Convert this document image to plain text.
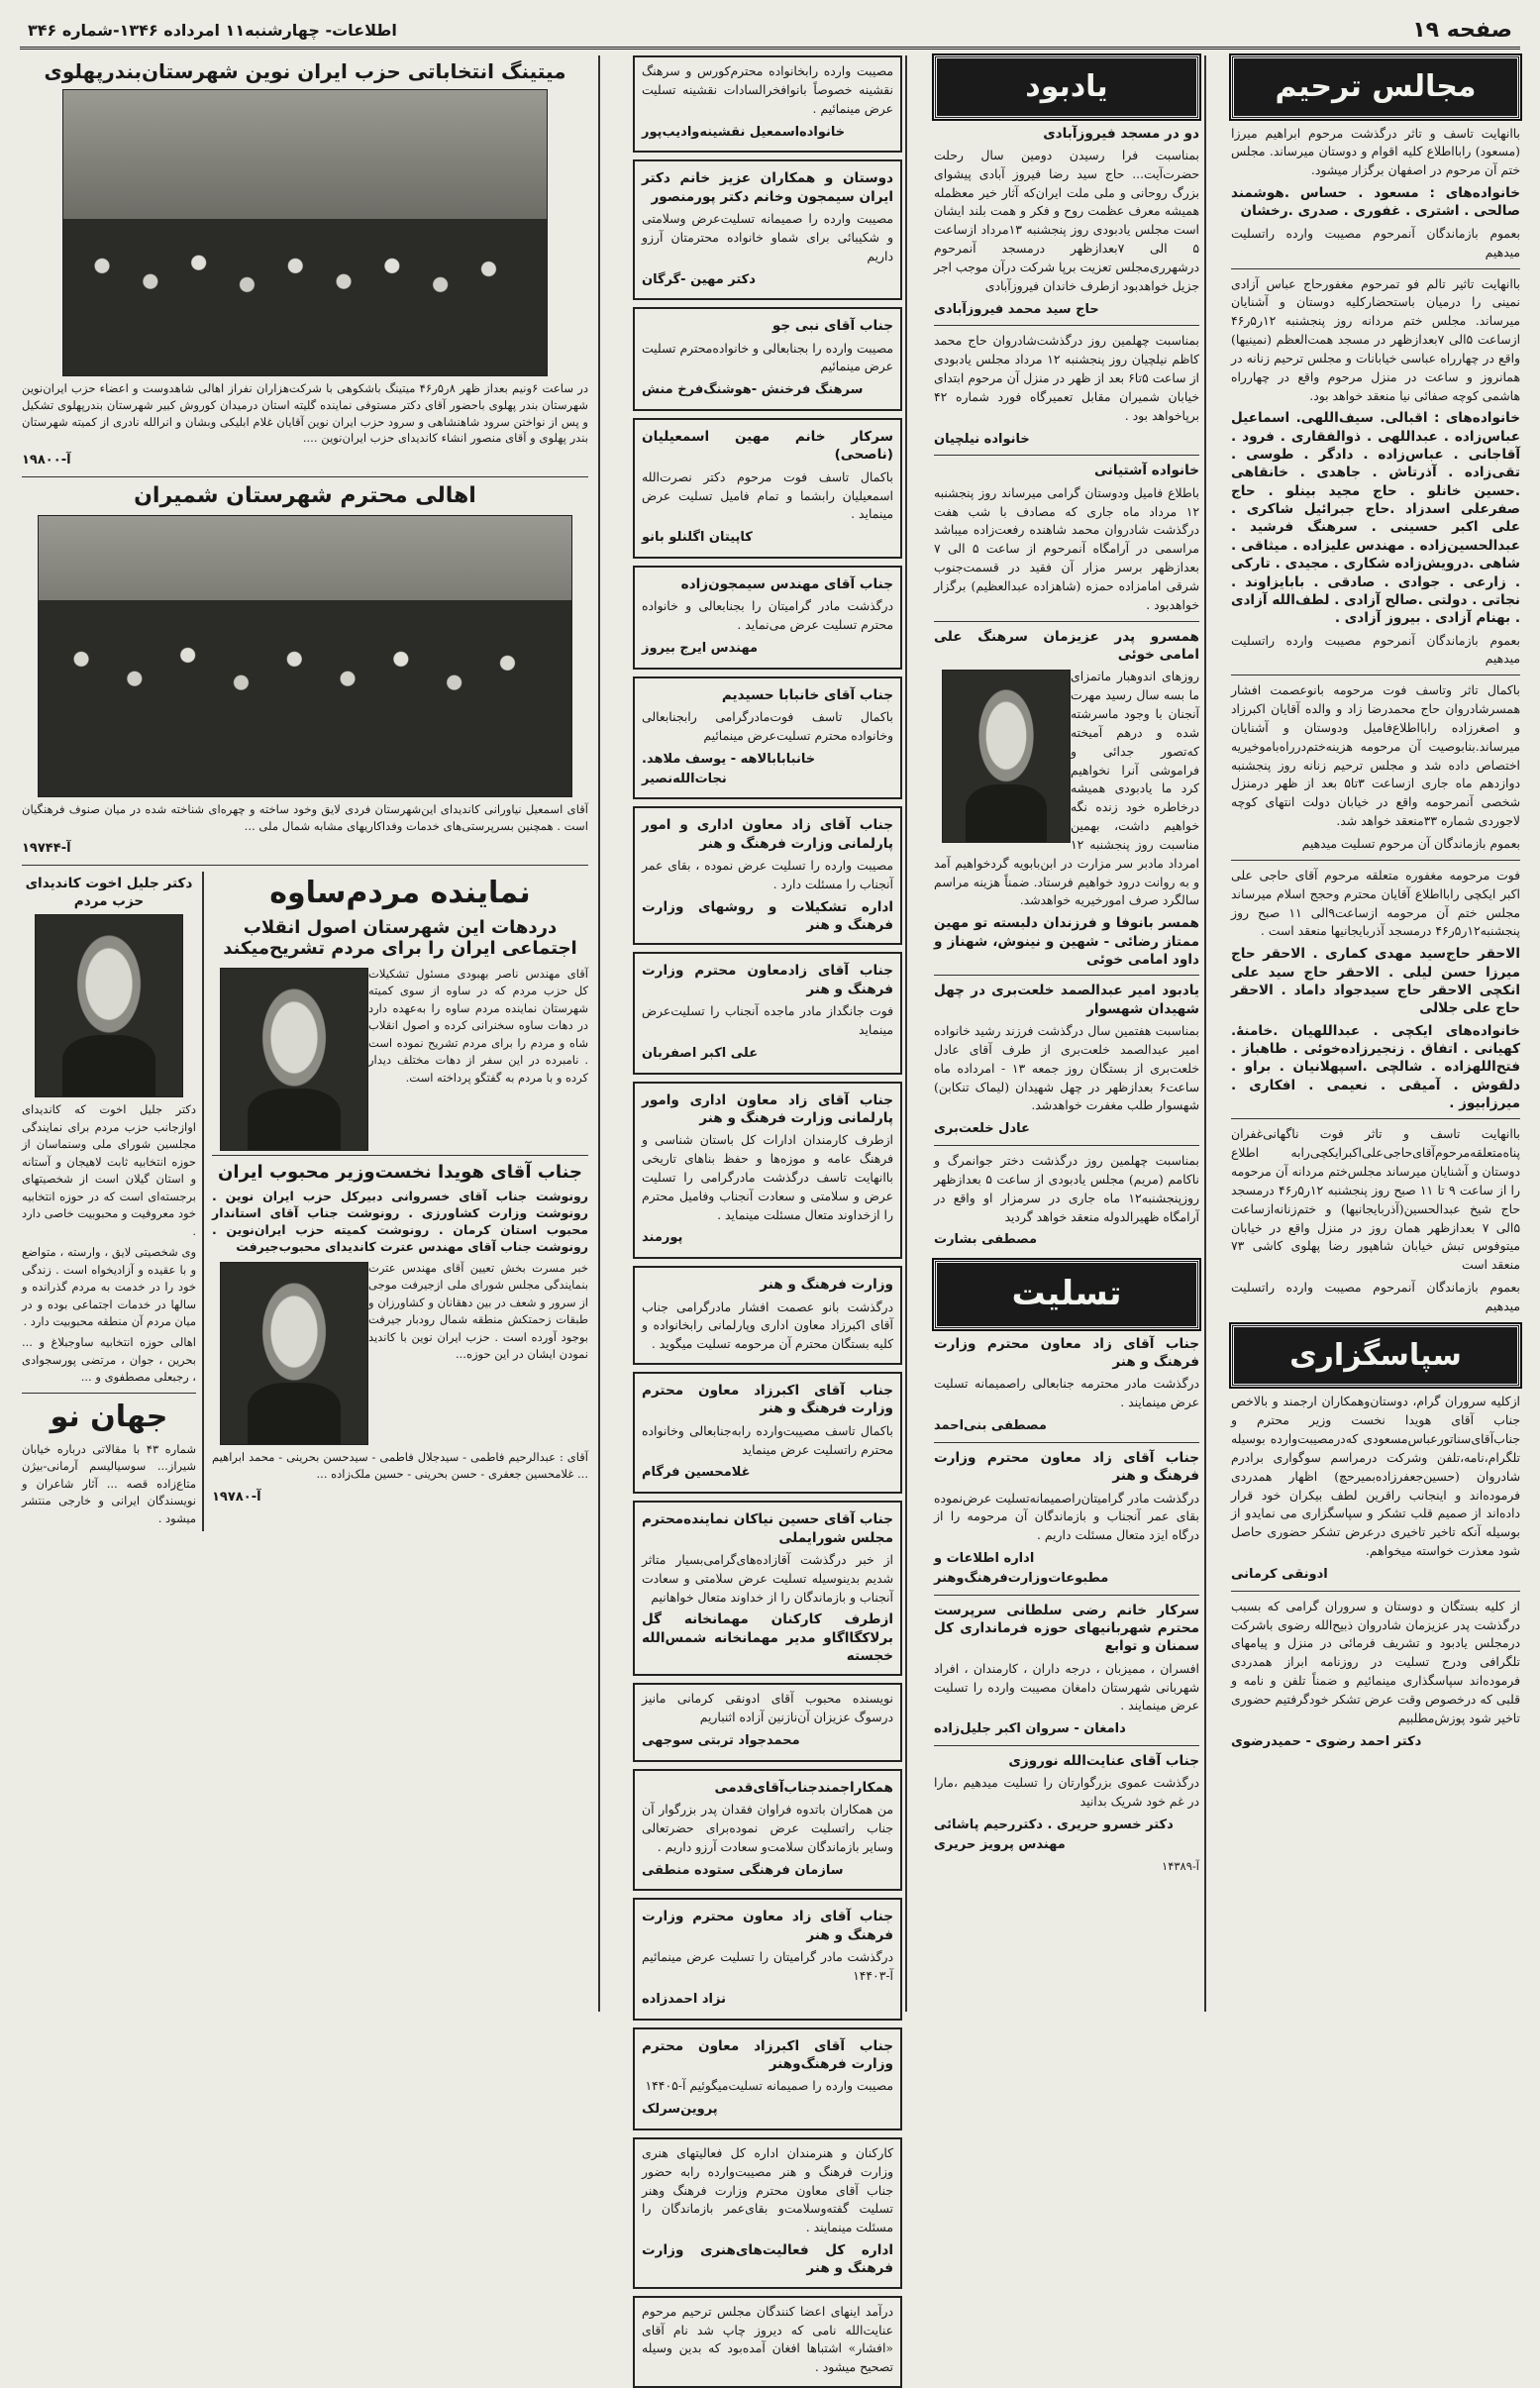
صفحه ۱۹
اطلاعات- چهارشنبه۱۱ امرداده ۱۳۴۶-شماره ۳۴۶
مجالس ترحیم

باانهایت تاسف و تاثر درگذشت مرحوم ابراهیم میرزا (مسعود) رابااطلاع کلیه اقوام و دوستان میرساند. مجلس ختم آن مرحوم در اصفهان برگزار میشود.

خانواده‌های : مسعود . حساس .هوشمند صالحی . اشتری . غفوری . صدری .رخشان

بعموم بازماندگان آنمرحوم مصیبت وارده راتسلیت میدهیم

باانهایت تاثیر تالم فو تمرحوم مغفورحاج عباس آزادی نمینی را درمیان باستحضارکلیه دوستان و آشنایان میرساند. مجلس ختم مردانه روز پنجشنبه ۱۲ر۵ر۴۶ ازساعت ۵الی ۷بعدازظهر در مسجد همت‌العظم (نمینیها) واقع در چهارراه عباسی خیابانات و مجلس ترحیم زنانه در همانروز و ساعت در منزل مرحوم واقع در چهارراه هاشمی کوچه صفائی نیا منعقد خواهد بود.

خانواده‌های : اقبالی. سیف‌اللهی. اسماعیل عباس‌زاده . عبداللهی . ذوالفقاری . فرود . آقاجانی . عباس‌زاده . دادگر . طوسی . تقی‌زاده . آذرتاش . جاهدی . خانقاهی .حسین خانلو . حاج مجید بینلو . حاج صفرعلی اسدزاد .حاج جبرائیل شاکری . علی اکبر حسینی . سرهنگ فرشید . عبدالحسین‌زاده . مهندس علیزاده . میثاقی . شاهی .درویش‌زاده شکاری . مجیدی . تارکی . زارعی . جوادی . صادقی . بابایزاوند . نجاتی . دولتی .صالح آزادی . لطف‌الله آزادی . بهنام آزادی . بیروز آزادی .

بعموم بازماندگان آنمرحوم مصیبت وارده راتسلیت میدهیم

باکمال تاثر وتاسف فوت مرحومه بانوعصمت افشار همسرشادروان حاج محمدرضا زاد و والده آقایان اکبرزاد و اصغرزاده رابااطلاع‌فامیل ودوستان و آشنایان میرساند.بنابوصیت آن مرحومه هزینه‌ختم‌درراه‌باموخیریه اختصاص داده شد و مجلس ترحیم زنانه روز پنجشنبه دوازدهم ماه جاری ازساعت ۳تا۵ بعد از ظهر درمنزل شخصی آنمرحومه واقع در خیابان دولت انتهای کوچه لاجوردی شماره ۳۳منعقد خواهد شد.

بعموم بازماندگان آن مرحوم تسلیت میدهیم

فوت مرحومه مغفوره متعلقه مرحوم آقای حاجی علی اکبر ایکچی رابااطلاع آقایان محترم وحجج اسلام میرساند مجلس ختم آن مرحومه ازساعت۹الی ۱۱ صبح روز پنجشنبه۱۲ر۵ر۴۶ درمسجد آذربایجانیها منعقد است .

الاحقر حاج‌سید مهدی کماری . الاحقر حاج میرزا حسن لیلی . الاحقر حاج سید علی انکچی الاحقر حاج سیدجواد داماد . الاحقر حاج علی جلالی

خانواده‌های ایکچی . عبداللهیان .خامنهٔ. کهیانی . اتفاق . زنجیرزاده‌خوئی . طاهباز . فتح‌اللهزاده . شالچی .اسپهلانیان . براو . دلقوش . آمیقی . نعیمی . افکاری . میرزابیوز .

باانهایت تاسف و تاثر فوت ناگهانی‌غفران پناه‌متعلقه‌مرحوم‌آقای‌حاجی‌علی‌اکبرایکچی‌رابه اطلاع دوستان و آشنایان میرساند مجلس‌ختم مردانه آن مرحومه را از ساعت ۹ تا ۱۱ صبح روز پنجشنبه ۱۲ر۵ر۴۶ درمسجد حاج شیخ عبدالحسین(آذربایجانیها) و ختم‌زنانه‌ازساعت ۵الی ۷ بعدازظهر همان روز در منزل واقع در خیابان میتوفوس تبش خیابان شاهپور رضا پهلوی کاشی ۷۳ منعقد است

بعموم بازماندگان آنمرحوم مصیبت وارده راتسلیت میدهیم

سپاسگزاری

ازکلیه سروران گرام، دوستان‌وهمکاران ارجمند و بالاخص جناب آقای هویدا نخست وزیر محترم و جناب‌آقای‌سناتورعباس‌مسعودی که‌درمصیبت‌وارده بوسیله تلگرام،نامه،تلفن وشرکت درمراسم سوگواری برادرم شادروان (حسین‌جعفرزاده‌بمیرحچ) اظهار همدردی فرموده‌اند و اینجانب راقرین لطف بیکران خود قرار داده‌اند از صمیم قلب تشکر و سپاسگزاری می نمایدو از بوسیله آنکه تاخیر تاخیری درعرض تشکر حضوری حاصل شود معذرت خواسته میخواهم.

ادونقی کرمانی

از کلیه بستگان و دوستان و سروران گرامی که بسبب درگذشت پدر عزیزمان شادروان ذبیح‌الله رضوی باشرکت درمجلس یادبود و تشریف فرمائی در منزل و پیامهای تلگرافی ودرج تسلیت در روزنامه ابراز همدردی فرموده‌اند سپاسگذاری مینمائیم و ضمناً تلفن و نامه و قلبی که درخصوص وقت عرض تشکر خودگرفتیم حضوری تاخیر شود پوزش‌مطلبیم

دکتر احمد رضوی - حمیدرضوی

یادبود

دو در مسجد فیروزآبادی

بمناسبت فرا رسیدن دومین سال رحلت حضرت‌آیت... حاج سید رضا فیروز آبادی پیشوای بزرگ روحانی و ملی ملت ایران‌که آثار خیر معظمله همیشه معرف عظمت روح و فکر و همت بلند ایشان است مجلس یادبودی روز پنجشنبه ۱۳مرداد ازساعت ۵ الی ۷بعدازظهر درمسجد آنمرحوم درشهرری‌مجلس تعزیت برپا شرکت درآن موجب اجر جزیل خواهدبود ازطرف خاندان فیروزآبادی

حاج سید محمد فیروزآبادی

بمناسبت چهلمین روز درگذشت‌شادروان حاج محمد کاظم نیلچیان روز پنجشنبه ۱۲ مرداد مجلس یادبودی از ساعت ۵تا۶ بعد از ظهر در منزل آن مرحوم ابتدای خیابان شمیران مقابل تعمیرگاه فورد شماره ۴۲ برپاخواهد بود .

خانواده نیلچیان

خانواده آشتیانی

باطلاع فامیل ودوستان گرامی میرساند روز پنجشنبه ۱۲ مرداد ماه جاری که مصادف با شب هفت درگذشت شادروان محمد شاهنده رفعت‌زاده میباشد مراسمی در آرامگاه آنمرحوم از ساعت ۵ الی ۷ بعدازظهر برسر مزار آن فقید در قسمت‌جنوب شرقی امامزاده حمزه (شاهزاده عبدالعظیم) برگزار خواهدبود .

همسرو پدر عزیزمان سرهنگ علی امامی خوئی

روزهای اندوهبار ماتمزای ما بسه سال رسید مهرت آنجنان با وجود ماسرشته شده و درهم آمیخته که‌تصور جدائی و فراموشی آنرا نخواهیم کرد ما یادبودی همیشه درخاطره خود زنده نگه خواهیم داشت، بهمین مناسبت روز پنجشنبه ۱۲ امرداد مادبر سر مزارت در ابن‌بابویه گردخواهیم آمد و به روانت درود خواهیم فرستاد. ضمناً هزینه مراسم سالگرد صرف امورخیریه خواهدشد.

همسر بانوفا و فرزندان دلبسته تو مهین ممتاز رضائی - شهین و نینوش، شهناز و داود امامی خوئی

یادبود امیر عبدالصمد خلعت‌بری در چهل شهیدان شهسوار

بمناسبت هفتمین سال درگذشت فرزند رشید خانواده امیر عبدالصمد خلعت‌بری از طرف آقای عادل خلعت‌بری از بستگان روز جمعه ۱۳ - امرداده ماه ساعت۶ بعدازظهر در چهل شهیدان (لیماک تنکابن) شهسوار طلب مغفرت خواهدشد.

عادل خلعت‌بری

بمناسبت چهلمین روز درگذشت دختر جوانمرگ و ناکامم (مریم) مجلس یادبودی از ساعت ۵ بعدازظهر روزپنجشنبه۱۲ ماه جاری در سرمزار او واقع در آرامگاه ظهیرالدوله منعقد خواهد گردید

مصطفی بشارت

تسلیت

جناب آقای زاد معاون محترم وزارت فرهنگ و هنر

درگذشت مادر محترمه جنابعالی راصمیمانه تسلیت عرض مینمایند .

مصطفی بنی‌احمد

جناب آقای زاد معاون محترم وزارت فرهنگ و هنر

درگذشت مادر گرامیتان‌راصمیمانه‌تسلیت عرض‌نموده بقای عمر آنجناب و بازماندگان آن مرحومه را از درگاه ایزد متعال مسئلت داریم .

اداره اطلاعات و مطبوعات‌وزارت‌فرهنگ‌وهنر

سرکار خانم رضی سلطانی سرپرست محترم شهربانیهای حوزه فرمانداری کل سمنان و توابع

افسران ، ممیزبان ، درجه داران ، کارمندان ، افراد شهربانی شهرستان دامغان مصیبت وارده را تسلیت عرض مینمایند .

دامغان - سروان اکبر جلیل‌زاده

جناب آقای عنایت‌الله نوروزی

درگذشت عموی بزرگوارتان را تسلیت میدهیم ،مارا در غم خود شریک بدانید

دکتر خسرو حریری . دکتررحیم پاشائی مهندس پرویز حریری

آ-۱۴۳۸۹

مصیبت وارده رابخانواده محترم‌کورس و سرهنگ نقشینه خصوصاً بانوافخرالسادات نقشینه تسلیت عرض مینمائیم .

خانواده‌اسمعیل نقشینه‌وادیب‌پور

دوستان و همکاران عزیز خانم دکتر ایران سیمجون وخانم دکتر پورمنصور

مصیبت وارده را صمیمانه تسلیت‌عرض وسلامتی و شکیبائی برای شماو خانواده محترمتان آرزو داریم

دکتر مهین -گرگان

جناب آقای نبی جو

مصیبت وارده را بجنابعالی و خانواده‌محترم تسلیت عرض مینمائیم

سرهنگ فرخنش -هوشنگ‌فرخ منش

سرکار خانم مهین اسمعیلیان (ناصحی)

باکمال تاسف فوت مرحوم دکتر نصرت‌الله اسمعیلیان رابشما و تمام فامیل تسلیت عرض مینماید .

کاپیتان اگلنلو بانو

جناب آقای مهندس سیمجون‌زاده

درگذشت مادر گرامیتان را بجنابعالی و خانواده محترم تسلیت عرض می‌نماید .

مهندس ایرج بیروز

جناب آقای خانبابا حسیدیم

باکمال تاسف فوت‌مادرگرامی رابجنابعالی وخانواده محترم تسلیت‌عرض مینمائیم

خانبابابالاهه - یوسف ملاهد. نجات‌الله‌نصیر

جناب آقای زاد معاون اداری و امور پارلمانی وزارت فرهنگ و هنر

مصیبت وارده را تسلیت عرض نموده ، بقای عمر آنجناب را مسئلت دارد .

اداره تشکیلات و روشهای وزارت فرهنگ و هنر

جناب آقای زادمعاون محترم وزارت فرهنگ و هنر

فوت جانگداز مادر ماجده آنجناب را تسلیت‌عرض مینماید

علی اکبر اصفربان

جناب آقای زاد معاون اداری وامور پارلمانی وزارت فرهنگ و هنر

ازطرف کارمندان ادارات کل باستان شناسی و فرهنگ عامه و موزه‌ها و حفظ بناهای تاریخی باانهایت تاسف درگذشت مادرگرامی را تسلیت عرض و سلامتی و سعادت آنجناب وفامیل محترم را ازخداوند متعال مسئلت مینماید .

پورمند

وزارت فرهنگ و هنر

درگذشت بانو عصمت افشار مادرگرامی جناب آقای اکبرزاد معاون اداری وپارلمانی رابخانواده و کلیه بستگان محترم آن مرحومه تسلیت میگوید .

جناب آقای اکبرزاد معاون محترم وزارت فرهنگ و هنر

باکمال تاسف مصیبت‌وارده رابه‌جنابعالی وخانواده محترم راتسلیت عرض مینماید

غلامحسین فرگام

جناب آقای حسین نیاکان نماینده‌محترم مجلس شورایملی

از خبر درگذشت آقازاده‌های‌گرامی‌بسیار متاثر شدیم بدینوسیله تسلیت عرض سلامتی و سعادت آنجناب و بازماندگان را از خداوند متعال خواهانیم

ازطرف کارکنان مهمانخانه گل برلاکگااگاو مدیر مهمانخانه شمس‌الله خجسته

نویسنده محبوب آقای ادونقی کرمانی مانیز درسوگ عزیزان آن‌نازنین آزاده اثنباریم

محمدجواد تربتی سوجهی

همکاراجمند‌جناب‌آقای‌قدمی

من همکاران باتدوه فراوان فقدان پدر بزرگوار آن جناب راتسلیت عرض نموده‌برای حضرتعالی وسایر بازماندگان سلامت‌و سعادت آرزو داریم .

سازمان فرهنگی ستوده منطقی

جناب آقای زاد معاون محترم وزارت فرهنگ و هنر

درگذشت مادر گرامیتان را تسلیت عرض مینمائیم آ-۱۴۴۰۳

نزاد احمدزاده

جناب آقای اکبرزاد معاون محترم وزارت فرهنگ‌وهنر

مصیبت وارده را صمیمانه تسلیت‌میگوئیم آ-۱۴۴۰۵

پروین‌سرلک

کارکنان و هنرمندان اداره کل فعالیتهای هنری وزارت فرهنگ و هنر مصیبت‌وارده رابه حضور جناب آقای معاون محترم وزارت فرهنگ وهنر تسلیت گفته‌وسلامت‌و بقای‌عمر بازماندگان را مسئلت مینمایند .

اداره کل فعالیت‌های‌هنری وزارت فرهنگ و هنر

درآمد اینهای اعضا کنندگان مجلس ترحیم مرحوم عنایت‌الله نامی که دیروز چاپ شد نام آقای «افشار» اشتباها افغان آمده‌بود که بدین وسیله تصحیح میشود .

میتینگ انتخاباتی حزب ایران نوین شهرستان‌بندرپهلوی

در ساعت ۶ونیم بعداز ظهر ۸ر۵ر۴۶ میتینگ باشکوهی با شرکت‌هزاران نفراز اهالی شاهدوست و اعضاء حزب ایران‌نوین شهرستان بندر پهلوی باحضور آقای دکتر مستوفی نماینده گلیته استان درمیدان کوروش کبیر شهرستان بندرپهلوی تشکیل و پس از نواختن سرود شاهنشاهی و سرود حزب ایران نوین آقایان غلام ابلیکی وبشان و انرالله نادری از کمیته شهرستان بندر پهلوی و آقای منصور انشاء کاندیدای حزب ایران‌نوین ....

آ-۱۹۸۰۰

اهالی محترم شهرستان شمیران

آقای اسمعیل نیاورانی کاندیدای این‌شهرستان فردی لایق وخود ساخته و چهره‌ای شناخته شده در میان صنوف فرهنگیان است . همچنین بسرپرستی‌های خدمات وفداکاریهای مشابه شمال ملی ...

آ-۱۹۷۴۴

نماینده مردم‌ساوه
دردهات این شهرستان اصول انقلاب اجتماعی ایران را برای مردم تشریح‌میکند

آقای مهندس ناصر بهبودی مسئول تشکیلات کل حزب مردم که در ساوه از سوی کمیته شهرستان نماینده مردم ساوه را به‌عهده دارد در دهات ساوه سخنرانی کرده و اصول انقلاب شاه و مردم را برای مردم تشریح نموده است . نامبرده در این سفر از دهات مختلف دیدار کرده و با مردم به گفتگو پرداخته است.

جناب آقای هویدا نخست‌وزیر محبوب ایران

رونوشت جناب آقای خسروانی دبیرکل حزب ایران نوین . رونوشت وزارت کشاورزی . رونوشت جناب آقای استاندار محبوب استان کرمان . رونوشت کمیته حزب ایران‌نوین . رونوشت جناب آقای مهندس عترت کاندیدای محبوب‌جیرفت

خبر مسرت بخش تعیین آقای مهندس عترت بنمایندگی مجلس شورای ملی ازجیرفت موجی از سرور و شعف در بین دهقانان و کشاورزان و طبقات زحمتکش منطقه شمال رودبار جیرفت بوجود آورده است . حزب ایران نوین با کاندید نمودن ایشان در این حوزه...

آقای : عبدالرحیم فاطمی - سیدجلال فاطمی - سیدحسن بحرینی - محمد ابراهیم ... غلامحسین جعفری - حسن بحرینی - حسین ملک‌زاده ...

آ-۱۹۷۸۰

دکتر جلیل اخوت کاندیدای حزب مردم

دکتر جلیل اخوت که کاندیدای اوازجانب حزب مردم برای نمایندگی مجلسین شورای ملی وسنماسان از حوزه انتخابیه ثابت لاهیجان و آستانه و استان گیلان است از شخصیتهای برجسته‌ای است که در حوزه انتخابیه خود معروفیت و محبوبیت خاصی دارد .

وی شخصیتی لایق ، وارسته ، متواضع و با عقیده و آزادیخواه است . زندگی خود را در خدمت به مردم گذرانده و سالها در خدمات اجتماعی بوده و در میان مردم آن منطقه محبوبیت دارد .

اهالی حوزه انتخابیه ساوجبلاغ و ... بحرین ، جوان ، مرتضی پورسجوادی ، رجبعلی مصطفوی و ...

جهان نو

شماره ۴۳ با مقالاتی درباره خیابان شیراز... سوسیالیسم آرمانی-بیژن متاع‌زاده قصه ... آثار شاعران و نویسندگان ایرانی و خارجی منتشر میشود .
